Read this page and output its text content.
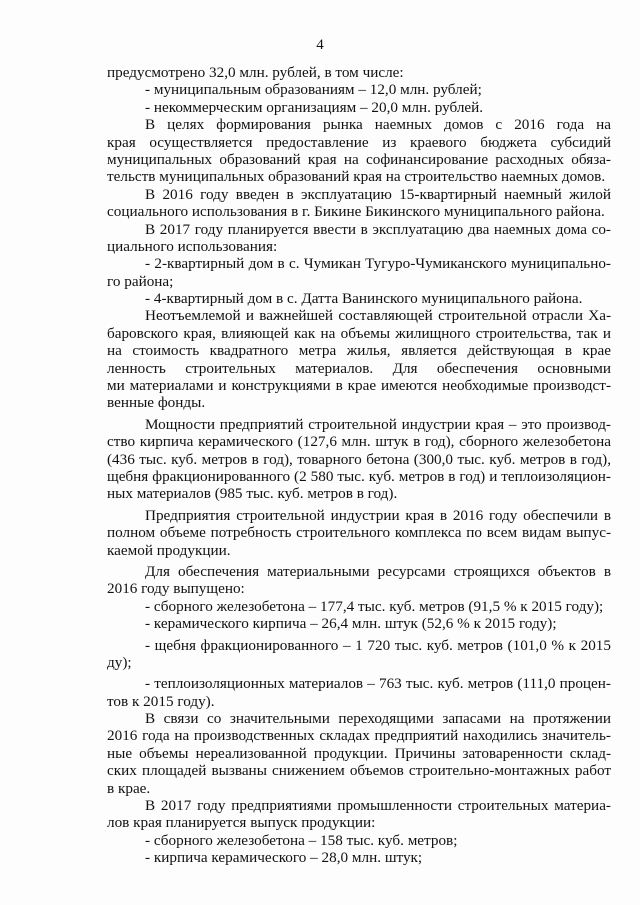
4
предусмотрено 32,0 млн. рублей, в том числе:
- муниципальным образованиям – 12,0 млн. рублей;
- некоммерческим организациям – 20,0 млн. рублей.
В целях формирования рынка наемных домов с 2016 года на
края осуществляется предоставление из краевого бюджета субсидий
муниципальных образований края на софинансирование расходных обяза-
тельств муниципальных образований края на строительство наемных домов.
В 2016 году введен в эксплуатацию 15-квартирный наемный жилой
социального использования в г. Бикине Бикинского муниципального района.
В 2017 году планируется ввести в эксплуатацию два наемных дома со-
циального использования:
- 2-квартирный дом в с. Чумикан Тугуро-Чумиканского муниципально-
го района;
- 4-квартирный дом в с. Датта Ванинского муниципального района.
Неотъемлемой и важнейшей составляющей строительной отрасли Ха-
баровского края, влияющей как на объемы жилищного строительства, так и
на стоимость квадратного метра жилья, является действующая в крае
ленность строительных материалов. Для обеспечения основными
ми материалами и конструкциями в крае имеются необходимые производст-
венные фонды.
Мощности предприятий строительной индустрии края – это производ-
ство кирпича керамического (127,6 млн. штук в год), сборного железобетона
(436 тыс. куб. метров в год), товарного бетона (300,0 тыс. куб. метров в год),
щебня фракционированного (2 580 тыс. куб. метров в год) и теплоизоляцион-
ных материалов (985 тыс. куб. метров в год).
Предприятия строительной индустрии края в 2016 году обеспечили в
полном объеме потребность строительного комплекса по всем видам выпус-
каемой продукции.
Для обеспечения материальными ресурсами строящихся объектов в
2016 году выпущено:
- сборного железобетона – 177,4 тыс. куб. метров (91,5 % к 2015 году);
- керамического кирпича – 26,4 млн. штук (52,6 % к 2015 году);
- щебня фракционированного – 1 720 тыс. куб. метров (101,0 % к 2015
ду);
- теплоизоляционных материалов – 763 тыс. куб. метров (111,0 процен-
тов к 2015 году).
В связи со значительными переходящими запасами на протяжении
2016 года на производственных складах предприятий находились значитель-
ные объемы нереализованной продукции. Причины затоваренности склад-
ских площадей вызваны снижением объемов строительно-монтажных работ
в крае.
В 2017 году предприятиями промышленности строительных материа-
лов края планируется выпуск продукции:
- сборного железобетона – 158 тыс. куб. метров;
- кирпича керамического – 28,0 млн. штук;
